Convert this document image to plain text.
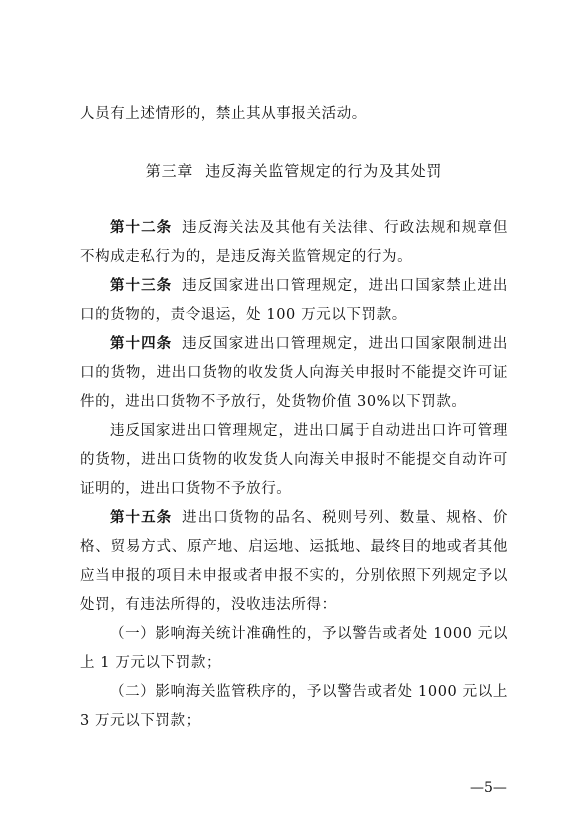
人员有上述情形的，禁止其从事报关活动。

第三章 违反海关监管规定的行为及其处罚

第十二条 违反海关法及其他有关法律、行政法规和规章但不构成走私行为的，是违反海关监管规定的行为。

第十三条 违反国家进出口管理规定，进出口国家禁止进出口的货物的，责令退运，处 100 万元以下罚款。

第十四条 违反国家进出口管理规定，进出口国家限制进出口的货物，进出口货物的收发货人向海关申报时不能提交许可证件的，进出口货物不予放行，处货物价值 30%以下罚款。

违反国家进出口管理规定，进出口属于自动进出口许可管理的货物，进出口货物的收发货人向海关申报时不能提交自动许可证明的，进出口货物不予放行。

第十五条 进出口货物的品名、税则号列、数量、规格、价格、贸易方式、原产地、启运地、运抵地、最终目的地或者其他应当申报的项目未申报或者申报不实的，分别依照下列规定予以处罚，有违法所得的，没收违法所得：

（一）影响海关统计准确性的，予以警告或者处 1000 元以上 1 万元以下罚款；

（二）影响海关监管秩序的，予以警告或者处 1000 元以上 3 万元以下罚款；

—5—
